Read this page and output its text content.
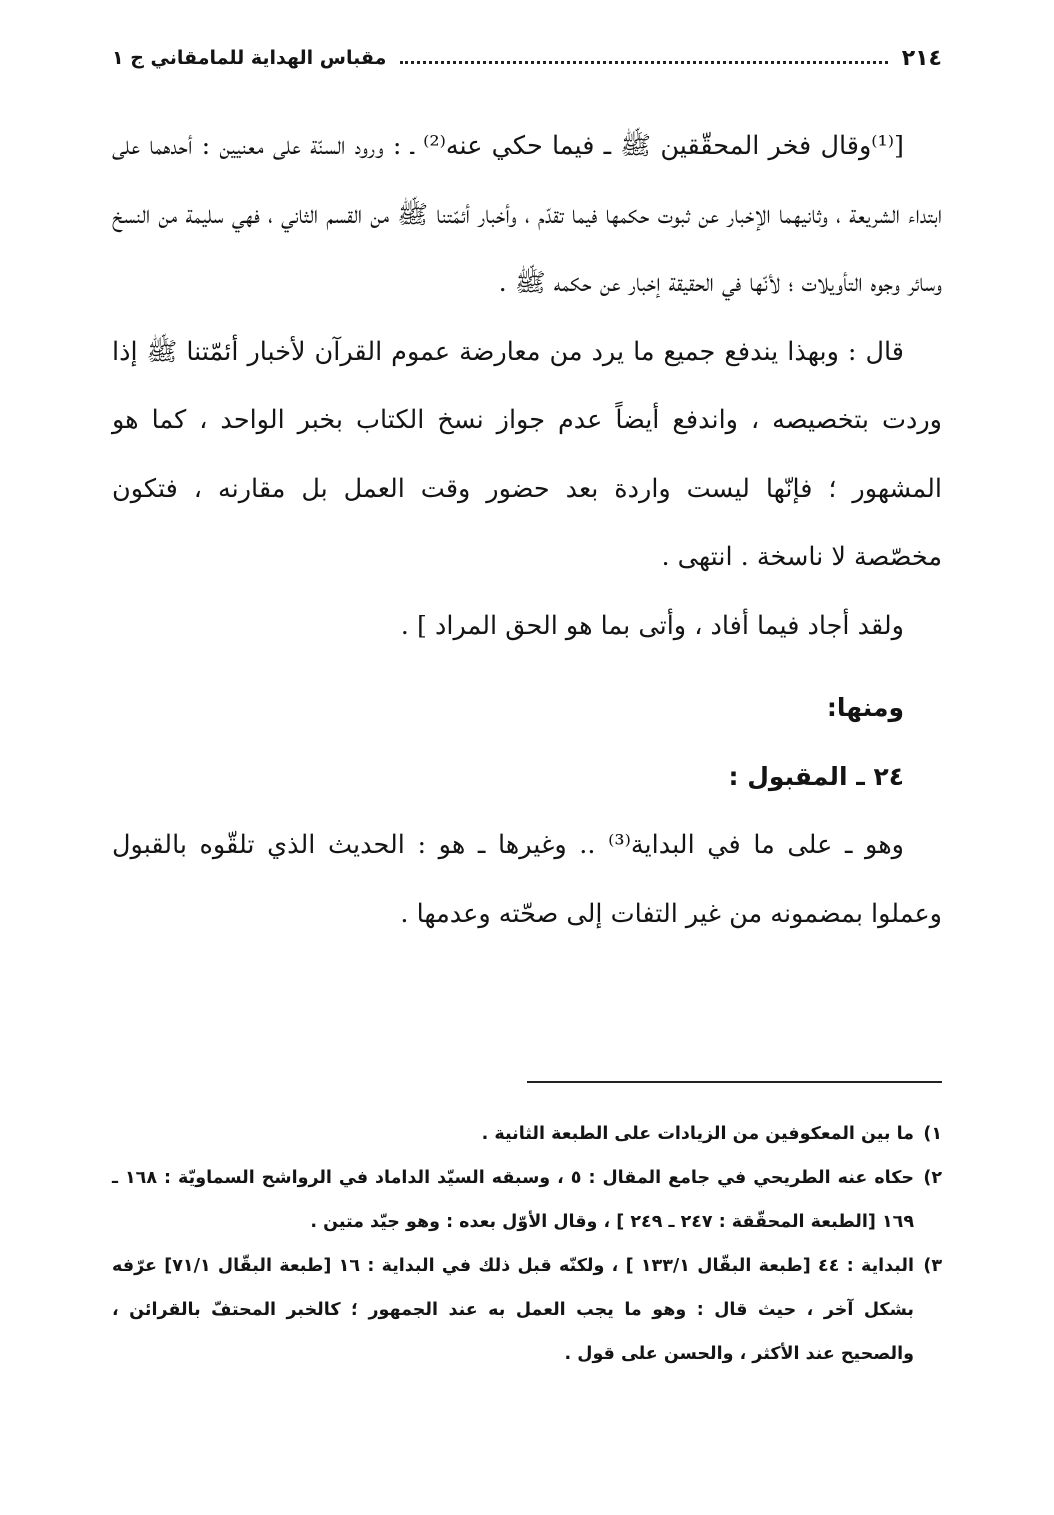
٢١٤
مقباس الهداية للمامقاني ج ١

[⁽¹⁾وقال فخر المحقّقين ﷺ ـ فيما حكي عنه⁽²⁾ ـ : ورود السنّة على معنيين : أحدهما على ابتداء الشريعة ، وثانيهما الإخبار عن ثبوت حكمها فيما تقدّم ، وأخبار أئمّتنا ﷺ من القسم الثاني ، فهي سليمة من النسخ وسائر وجوه التأويلات ؛ لأنّها في الحقيقة إخبار عن حكمه ﷺ .

قال : وبهذا يندفع جميع ما يرد من معارضة عموم القرآن لأخبار أئمّتنا ﷺ إذا وردت بتخصيصه ، واندفع أيضاً عدم جواز نسخ الكتاب بخبر الواحد ، كما هو المشهور ؛ فإنّها ليست واردة بعد حضور وقت العمل بل مقارنه ، فتكون مخصّصة لا ناسخة . انتهى .

ولقد أجاد فيما أفاد ، وأتى بما هو الحق المراد ] .

ومنها:

٢٤ ـ المقبول :

وهو ـ على ما في البداية⁽³⁾ .. وغيرها ـ هو : الحديث الذي تلقّوه بالقبول وعملوا بمضمونه من غير التفات إلى صحّته وعدمها .

١)
ما بين المعكوفين من الزيادات على الطبعة الثانية .
٢)
حكاه عنه الطريحي في جامع المقال : ٥ ، وسبقه السيّد الداماد في الرواشح السماويّة : ١٦٨ ـ ١٦٩ [الطبعة المحقّقة : ٢٤٧ ـ ٢٤٩ ] ، وقال الأوّل بعده : وهو جيّد متين .
٣)
البداية : ٤٤ [طبعة البقّال ١٣٣/١ ] ، ولكنّه قبل ذلك في البداية : ١٦ [طبعة البقّال ٧١/١] عرّفه بشكل آخر ، حيث قال : وهو ما يجب العمل به عند الجمهور ؛ كالخبر المحتفّ بالقرائن ، والصحيح عند الأكثر ، والحسن على قول .
